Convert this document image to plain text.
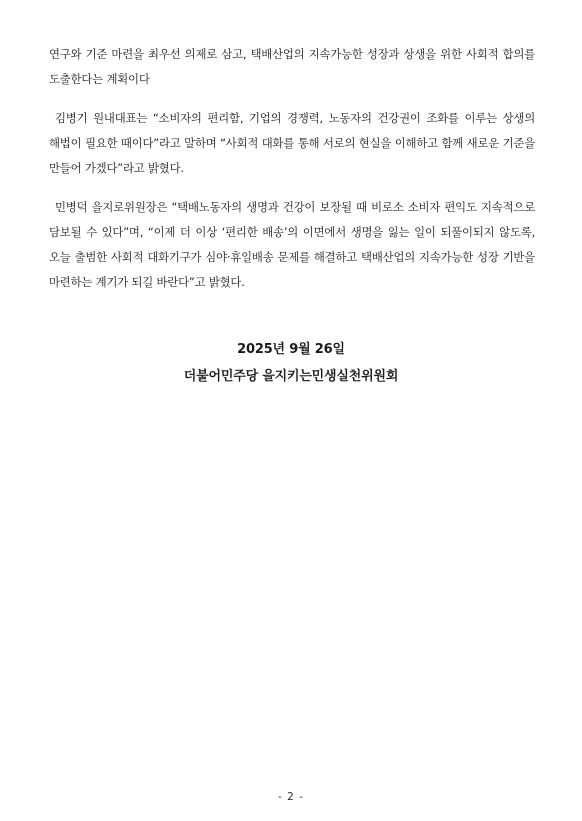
연구와 기준 마련을 최우선 의제로 삼고, 택배산업의 지속가능한 성장과 상생을 위한 사회적 합의를 도출한다는 계획이다

김병기 원내대표는 “소비자의 편리함, 기업의 경쟁력, 노동자의 건강권이 조화를 이루는 상생의 해법이 필요한 때이다”라고 말하며 “사회적 대화를 통해 서로의 현실을 이해하고 함께 새로운 기준을 만들어 가겠다”라고 밝혔다.

민병덕 을지로위원장은 “택배노동자의 생명과 건강이 보장될 때 비로소 소비자 편익도 지속적으로 담보될 수 있다”며, “이제 더 이상 ‘편리한 배송’의 이면에서 생명을 잃는 일이 되풀이되지 않도록, 오늘 출범한 사회적 대화기구가 심야·휴일배송 문제를 해결하고 택배산업의 지속가능한 성장 기반을 마련하는 계기가 되길 바란다”고 밝혔다.

2025년 9월 26일
더불어민주당 을지키는민생실천위원회
- 2 -
